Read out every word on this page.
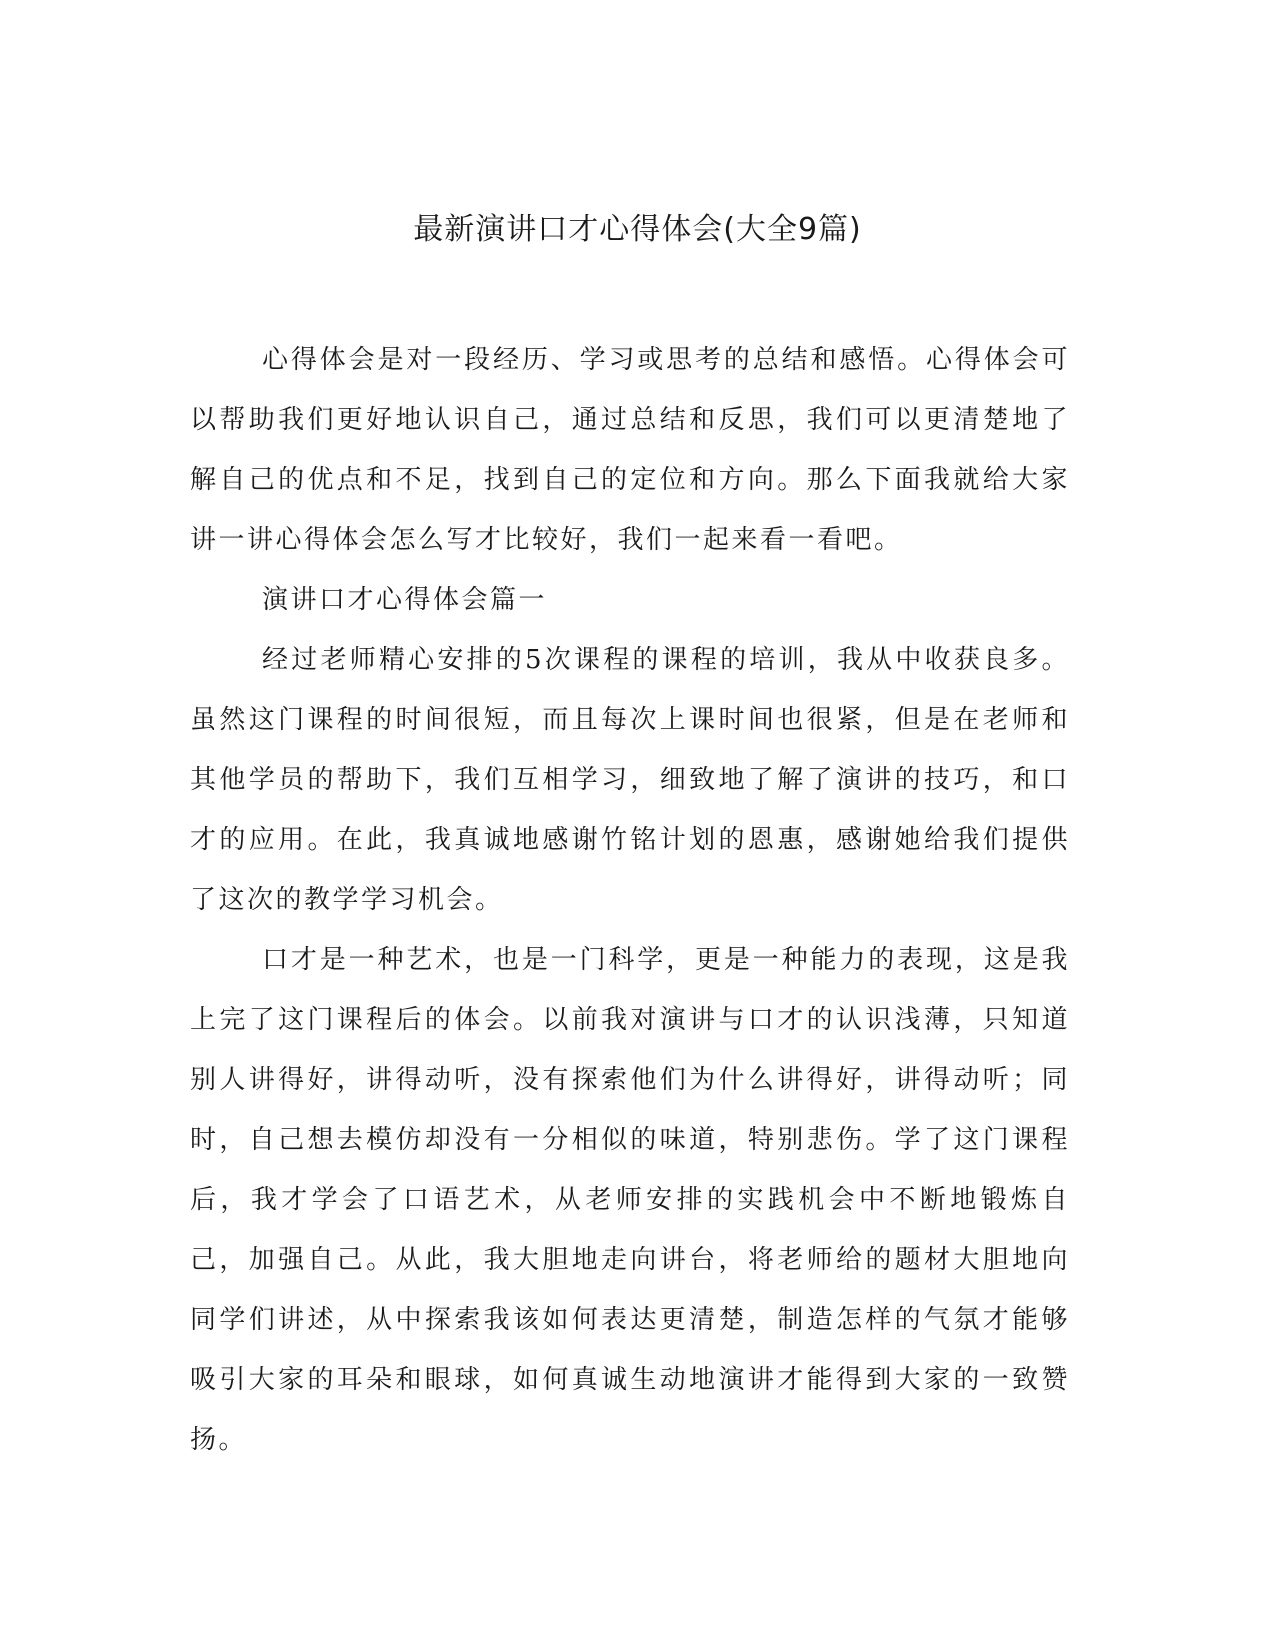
最新演讲口才心得体会(大全9篇)

心得体会是对一段经历、学习或思考的总结和感悟。心得体会可以帮助我们更好地认识自己，通过总结和反思，我们可以更清楚地了解自己的优点和不足，找到自己的定位和方向。那么下面我就给大家讲一讲心得体会怎么写才比较好，我们一起来看一看吧。

演讲口才心得体会篇一

经过老师精心安排的5次课程的课程的培训，我从中收获良多。虽然这门课程的时间很短，而且每次上课时间也很紧，但是在老师和其他学员的帮助下，我们互相学习，细致地了解了演讲的技巧，和口才的应用。在此，我真诚地感谢竹铭计划的恩惠，感谢她给我们提供了这次的教学学习机会。

口才是一种艺术，也是一门科学，更是一种能力的表现，这是我上完了这门课程后的体会。以前我对演讲与口才的认识浅薄，只知道别人讲得好，讲得动听，没有探索他们为什么讲得好，讲得动听；同时，自己想去模仿却没有一分相似的味道，特别悲伤。学了这门课程后，我才学会了口语艺术，从老师安排的实践机会中不断地锻炼自己，加强自己。从此，我大胆地走向讲台，将老师给的题材大胆地向同学们讲述，从中探索我该如何表达更清楚，制造怎样的气氛才能够吸引大家的耳朵和眼球，如何真诚生动地演讲才能得到大家的一致赞扬。
